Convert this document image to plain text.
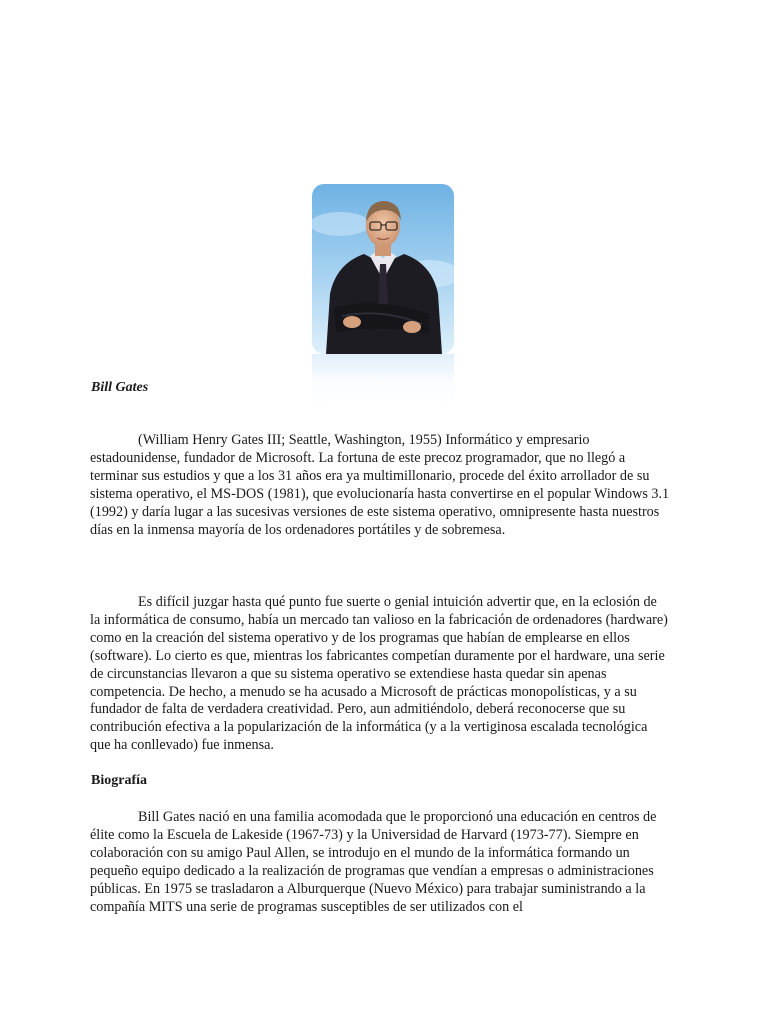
Bill Gates

(William Henry Gates III; Seattle, Washington, 1955) Informático y empresario estadounidense, fundador de Microsoft. La fortuna de este precoz programador, que no llegó a terminar sus estudios y que a los 31 años era ya multimillonario, procede del éxito arrollador de su sistema operativo, el MS-DOS (1981), que evolucionaría hasta convertirse en el popular Windows 3.1 (1992) y daría lugar a las sucesivas versiones de este sistema operativo, omnipresente hasta nuestros días en la inmensa mayoría de los ordenadores portátiles y de sobremesa.

Es difícil juzgar hasta qué punto fue suerte o genial intuición advertir que, en la eclosión de la informática de consumo, había un mercado tan valioso en la fabricación de ordenadores (hardware) como en la creación del sistema operativo y de los programas que habían de emplearse en ellos (software). Lo cierto es que, mientras los fabricantes competían duramente por el hardware, una serie de circunstancias llevaron a que su sistema operativo se extendiese hasta quedar sin apenas competencia. De hecho, a menudo se ha acusado a Microsoft de prácticas monopolísticas, y a su fundador de falta de verdadera creatividad. Pero, aun admitiéndolo, deberá reconocerse que su contribución efectiva a la popularización de la informática (y a la vertiginosa escalada tecnológica que ha conllevado) fue inmensa.

Biografía

Bill Gates nació en una familia acomodada que le proporcionó una educación en centros de élite como la Escuela de Lakeside (1967-73) y la Universidad de Harvard (1973-77). Siempre en colaboración con su amigo Paul Allen, se introdujo en el mundo de la informática formando un pequeño equipo dedicado a la realización de programas que vendían a empresas o administraciones públicas. En 1975 se trasladaron a Alburquerque (Nuevo México) para trabajar suministrando a la compañía MITS una serie de programas susceptibles de ser utilizados con el
